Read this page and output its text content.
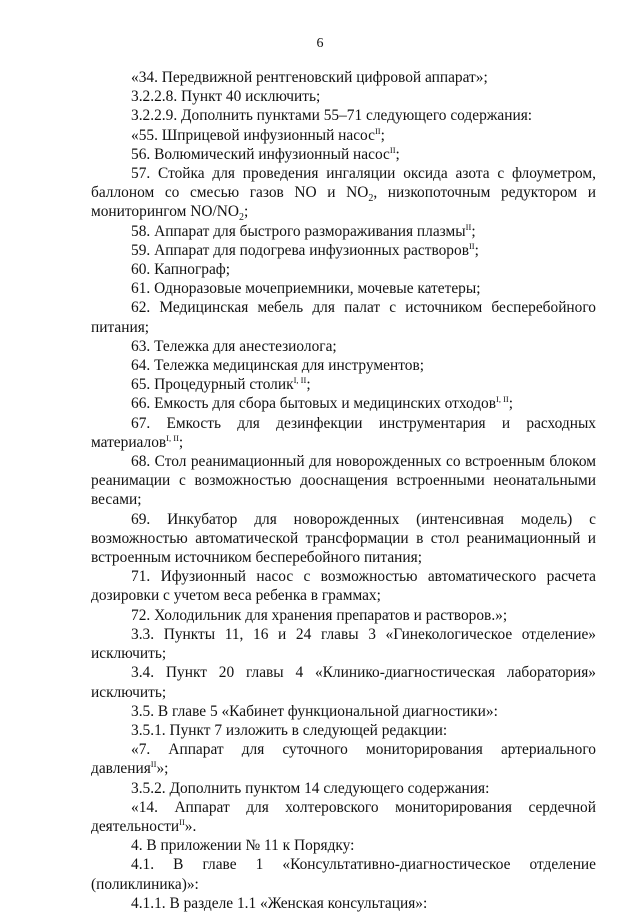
6

«34. Передвижной рентгеновский цифровой аппарат»;

3.2.2.8. Пункт 40 исключить;

3.2.2.9. Дополнить пунктами 55–71 следующего содержания:

«55. Шприцевой инфузионный насос$^{II}$;

56. Волюмический инфузионный насос$^{II}$;

57. Стойка для проведения ингаляции оксида азота с флоуметром, баллоном со смесью газов NO и $NO_2$, низкопоточным редуктором и мониторингом $NO/NO_2$;

58. Аппарат для быстрого размораживания плазмы$^{II}$;

59. Аппарат для подогрева инфузионных растворов$^{II}$;

60. Капнограф;

61. Одноразовые мочеприемники, мочевые катетеры;

62. Медицинская мебель для палат с источником бесперебойного питания;

63. Тележка для анестезиолога;

64. Тележка медицинская для инструментов;

65. Процедурный столик$^{I, II}$;

66. Емкость для сбора бытовых и медицинских отходов$^{I, II}$;

67. Емкость для дезинфекции инструментария и расходных материалов$^{I, II}$;

68. Стол реанимационный для новорожденных со встроенным блоком реанимации с возможностью дооснащения встроенными неонатальными весами;

69. Инкубатор для новорожденных (интенсивная модель) с возможностью автоматической трансформации в стол реанимационный и встроенным источником бесперебойного питания;

71. Ифузионный насос с возможностью автоматического расчета дозировки с учетом веса ребенка в граммах;

72. Холодильник для хранения препаратов и растворов.»;

3.3. Пункты 11, 16 и 24 главы 3 «Гинекологическое отделение» исключить;

3.4. Пункт 20 главы 4 «Клинико-диагностическая лаборатория» исключить;

3.5. В главе 5 «Кабинет функциональной диагностики»:

3.5.1. Пункт 7 изложить в следующей редакции:

«7. Аппарат для суточного мониторирования артериального давления$^{II}$»;

3.5.2. Дополнить пунктом 14 следующего содержания:

«14. Аппарат для холтеровского мониторирования сердечной деятельности$^{II}$».

4. В приложении № 11 к Порядку:

4.1. В главе 1 «Консультативно-диагностическое отделение (поликлиника)»:

4.1.1. В разделе 1.1 «Женская консультация»:
